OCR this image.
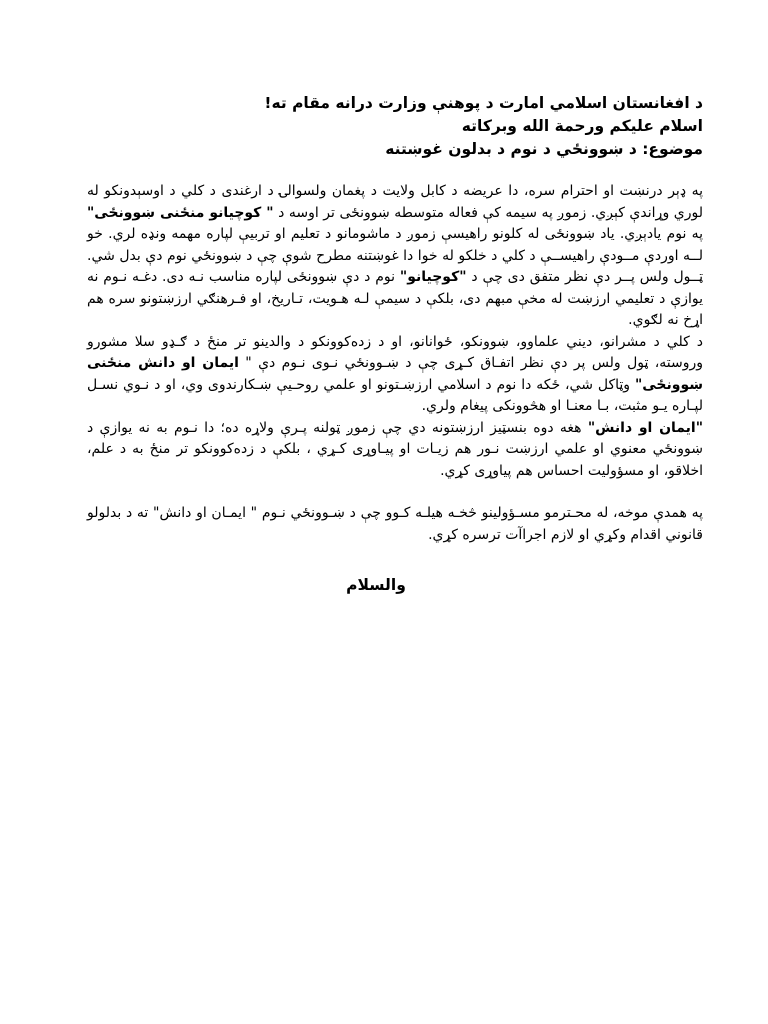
د افغانستان اسلامي امارت د پوهنې وزارت درانه مقام ته!
اسلام عليكم ورحمة الله وبركاته
موضوع: د ښوونځي د نوم د بدلون غوښتنه

په ډېر درنښت او احترام سره، دا عريضه د کابل ولايت د پغمان ولسوالۍ د ارغندی د کلي د اوسېدونکو له لوري وړاندې کېږي. زموږ په سيمه کې فعاله متوسطه ښوونځی تر اوسه د " کوچيانو منځنی ښوونځی" په نوم يادېږي. ياد ښوونځی له کلونو راهيسې زموږ د ماشومانو د تعليم او تربيې لپاره مهمه ونډه لري. خو لــه اوردې مــودې راهيســې د کلي د خلکو له خوا دا غوښتنه مطرح شوې چې د ښوونځي نوم دې بدل شي. ټــول ولس پــر دې نظر متفق دی چې د "کوچيانو" نوم د دې ښوونځی لپاره مناسب نـه دی. دغـه نـوم نه يوازې د تعليمي ارزښت له مخې مبهم دی، بلکې د سيمې لـه هـويت، تـاريخ، او فـرهنګي ارزښتونو سره هم اړخ نه لګوي.

د کلي د مشرانو، ديني علماوو، ښوونکو، ځوانانو، او د زده‌کوونکو د والدينو تر منځ د ګـډو سلا مشورو وروسته، ټول ولس پر دې نظر اتفـاق کـړی چې د ښـوونځي نـوی نـوم دې " ايمان او دانش منځنی ښوونځی" وټاکل شي، ځکه دا نوم د اسلامي ارزښـتونو او علمي روحـيې ښـکارندوی وي، او د نـوي نسـل لپـاره يـو مثبت، بـا معنـا او هڅوونکی پيغام ولري.

"ايمان او دانش" هغه دوه بنسټيز ارزښتونه دي چې زموږ ټولنه پـرې ولاړه ده؛ دا نـوم به نه يوازې د ښوونځي معنوي او علمي ارزښت نـور هم زيـات او پيـاوړی کـړي ، بلکې د زده‌کوونکو تر منځ به د علم، اخلاقو، او مسؤوليت احساس هم پياوړی کړي.

په همدې موخه، له محـترمو مسـؤولينو څخـه هيلـه کـوو چې د ښـوونځي نـوم " ايمـان او دانش" ته د بدلولو قانوني اقدام وکړي او لازم اجراآت ترسره کړي.

والسلام
